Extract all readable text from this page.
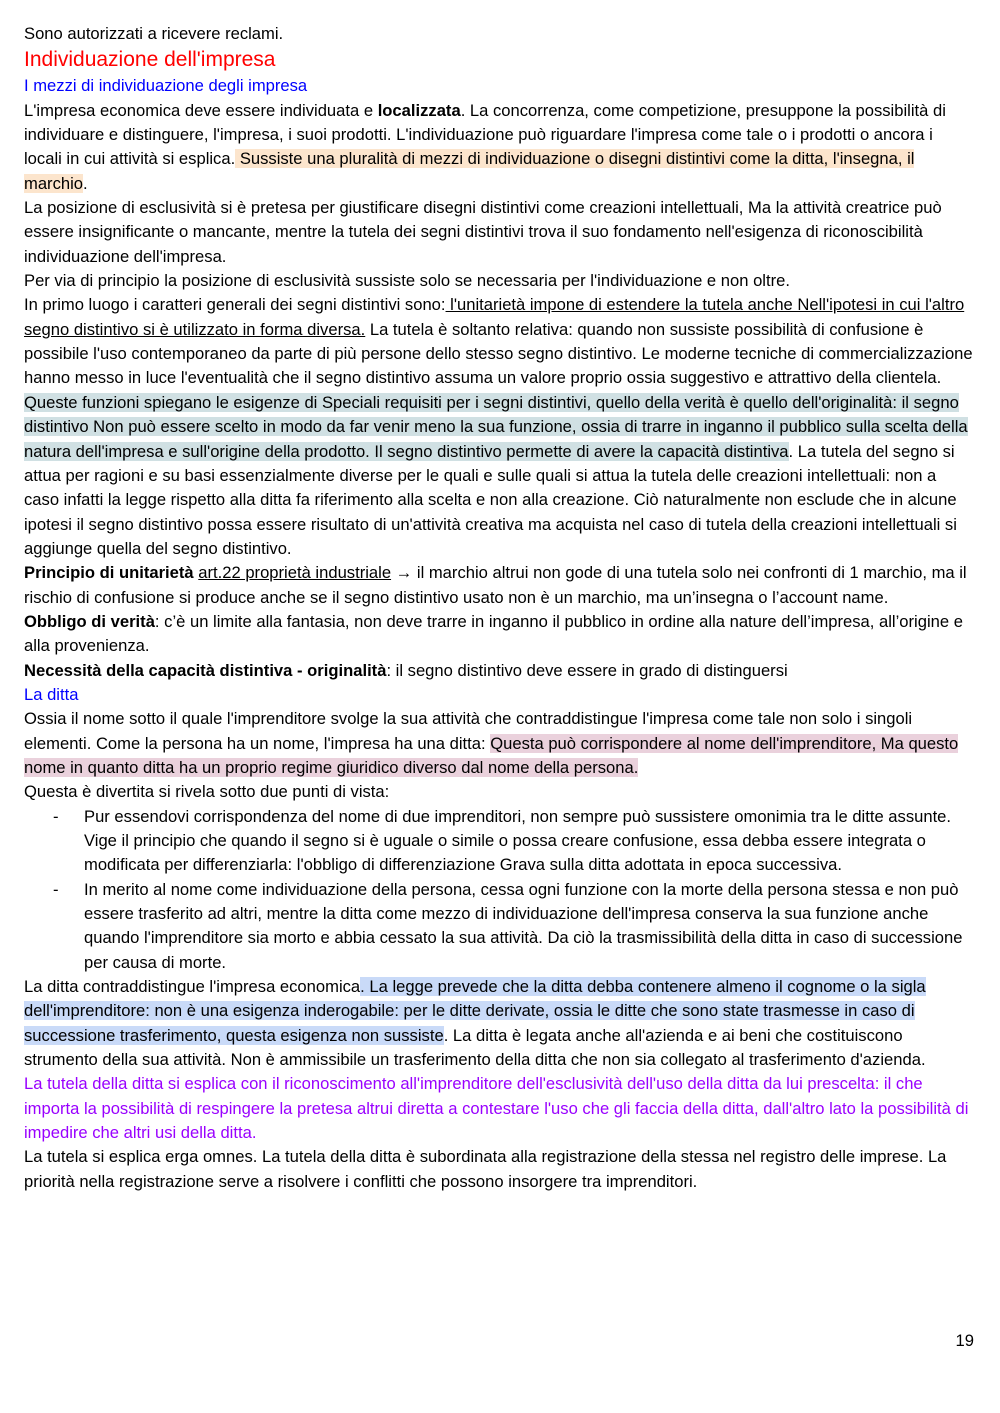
Sono autorizzati a ricevere reclami.

Individuazione dell'impresa

I mezzi di individuazione degli impresa

L'impresa economica deve essere individuata e localizzata. La concorrenza, come competizione, presuppone la possibilità di individuare e distinguere, l'impresa, i suoi prodotti. L'individuazione può riguardare l'impresa come tale o i prodotti o ancora i locali in cui attività si esplica. Sussiste una pluralità di mezzi di individuazione o disegni distintivi come la ditta, l'insegna, il marchio.

La posizione di esclusività si è pretesa per giustificare disegni distintivi come creazioni intellettuali, Ma la attività creatrice può essere insignificante o mancante, mentre la tutela dei segni distintivi trova il suo fondamento nell'esigenza di riconoscibilità individuazione dell'impresa.

Per via di principio la posizione di esclusività sussiste solo se necessaria per l'individuazione e non oltre.

In primo luogo i caratteri generali dei segni distintivi sono: l'unitarietà impone di estendere la tutela anche Nell'ipotesi in cui l'altro segno distintivo si è utilizzato in forma diversa. La tutela è soltanto relativa: quando non sussiste possibilità di confusione è possibile l'uso contemporaneo da parte di più persone dello stesso segno distintivo. Le moderne tecniche di commercializzazione hanno messo in luce l'eventualità che il segno distintivo assuma un valore proprio ossia suggestivo e attrattivo della clientela.

Queste funzioni spiegano le esigenze di Speciali requisiti per i segni distintivi, quello della verità è quello dell'originalità: il segno distintivo Non può essere scelto in modo da far venir meno la sua funzione, ossia di trarre in inganno il pubblico sulla scelta della natura dell'impresa e sull'origine della prodotto. Il segno distintivo permette di avere la capacità distintiva. La tutela del segno si attua per ragioni e su basi essenzialmente diverse per le quali e sulle quali si attua la tutela delle creazioni intellettuali: non a caso infatti la legge rispetto alla ditta fa riferimento alla scelta e non alla creazione. Ciò naturalmente non esclude che in alcune ipotesi il segno distintivo possa essere risultato di un'attività creativa ma acquista nel caso di tutela della creazioni intellettuali si aggiunge quella del segno distintivo.

Principio di unitarietà art.22 proprietà industriale → il marchio altrui non gode di una tutela solo nei confronti di 1 marchio, ma il rischio di confusione si produce anche se il segno distintivo usato non è un marchio, ma un’insegna o l’account name.

Obbligo di verità: c’è un limite alla fantasia, non deve trarre in inganno il pubblico in ordine alla nature dell’impresa, all’origine e alla provenienza.

Necessità della capacità distintiva - originalità: il segno distintivo deve essere in grado di distinguersi

La ditta

Ossia il nome sotto il quale l'imprenditore svolge la sua attività che contraddistingue l'impresa come tale non solo i singoli elementi. Come la persona ha un nome, l'impresa ha una ditta: Questa può corrispondere al nome dell'imprenditore, Ma questo nome in quanto ditta ha un proprio regime giuridico diverso dal nome della persona.

Questa è divertita si rivela sotto due punti di vista:

- Pur essendovi corrispondenza del nome di due imprenditori, non sempre può sussistere omonimia tra le ditte assunte. Vige il principio che quando il segno si è uguale o simile o possa creare confusione, essa debba essere integrata o modificata per differenziarla: l'obbligo di differenziazione Grava sulla ditta adottata in epoca successiva.
- In merito al nome come individuazione della persona, cessa ogni funzione con la morte della persona stessa e non può essere trasferito ad altri, mentre la ditta come mezzo di individuazione dell'impresa conserva la sua funzione anche quando l'imprenditore sia morto e abbia cessato la sua attività. Da ciò la trasmissibilità della ditta in caso di successione per causa di morte.

La ditta contraddistingue l'impresa economica. La legge prevede che la ditta debba contenere almeno il cognome o la sigla dell'imprenditore: non è una esigenza inderogabile: per le ditte derivate, ossia le ditte che sono state trasmesse in caso di successione trasferimento, questa esigenza non sussiste. La ditta è legata anche all'azienda e ai beni che costituiscono strumento della sua attività. Non è ammissibile un trasferimento della ditta che non sia collegato al trasferimento d'azienda.

La tutela della ditta si esplica con il riconoscimento all'imprenditore dell'esclusività dell'uso della ditta da lui prescelta: il che importa la possibilità di respingere la pretesa altrui diretta a contestare l'uso che gli faccia della ditta, dall'altro lato la possibilità di impedire che altri usi della ditta.

La tutela si esplica erga omnes. La tutela della ditta è subordinata alla registrazione della stessa nel registro delle imprese. La priorità nella registrazione serve a risolvere i conflitti che possono insorgere tra imprenditori.

19
